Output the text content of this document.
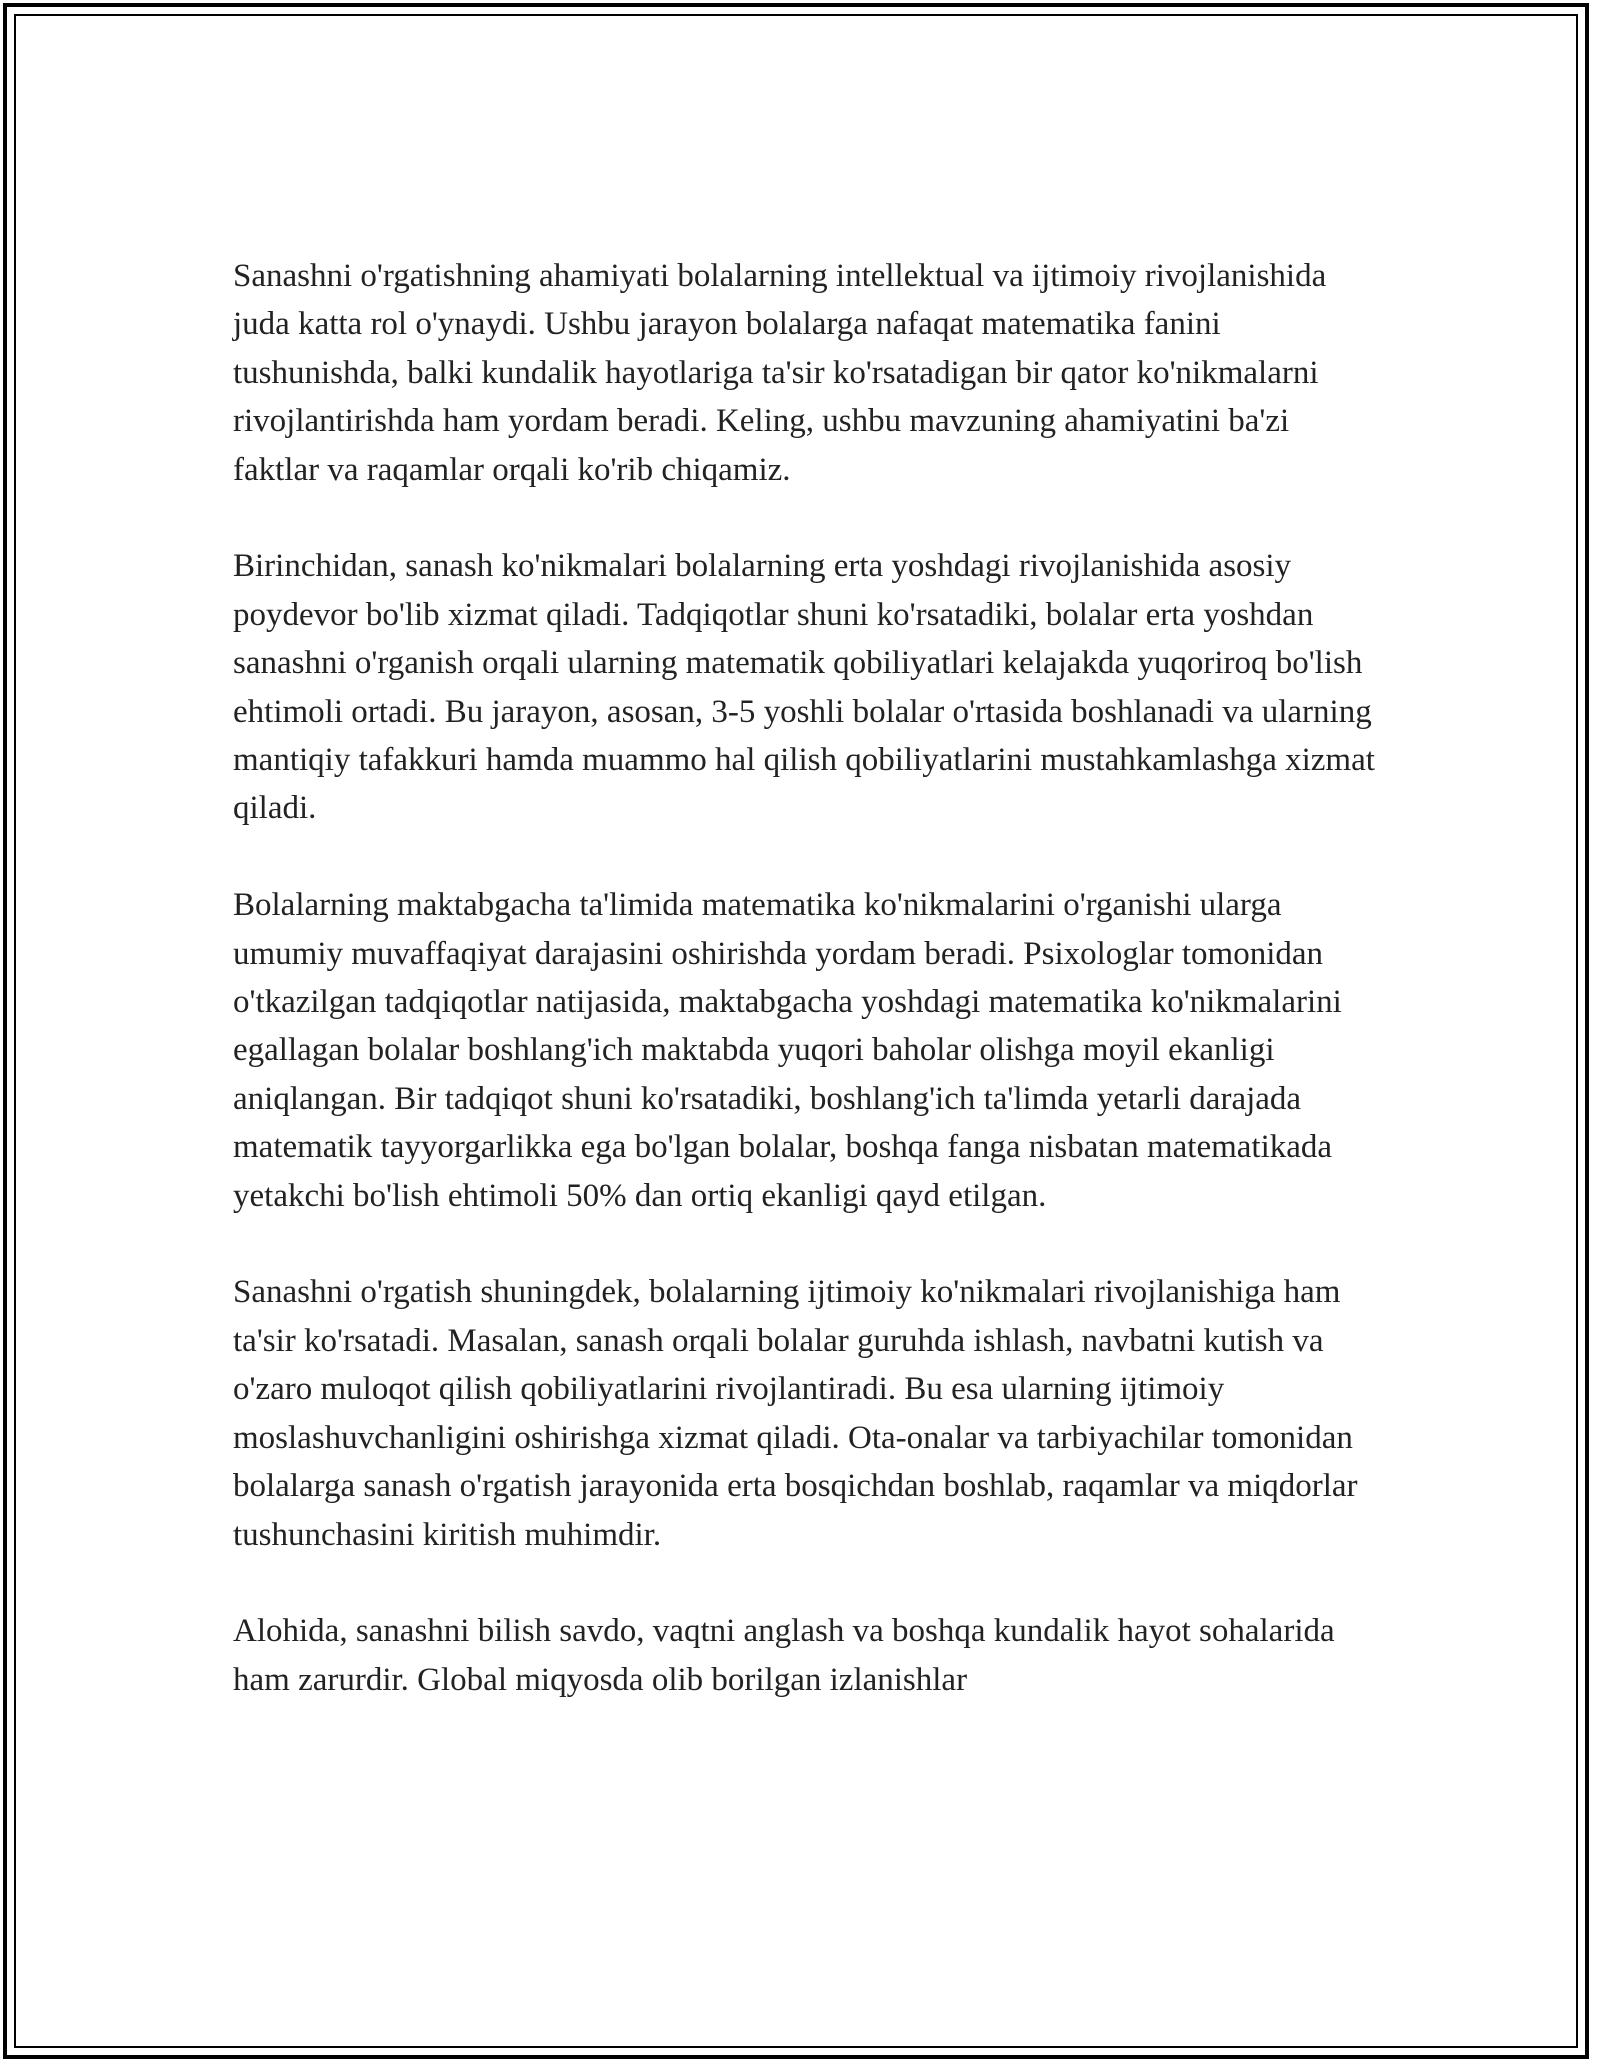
Sanashni o'rgatishning ahamiyati bolalarning intellektual va ijtimoiy rivojlanishida juda katta rol o'ynaydi. Ushbu jarayon bolalarga nafaqat matematika fanini tushunishda, balki kundalik hayotlariga ta'sir ko'rsatadigan bir qator ko'nikmalarni rivojlantirishda ham yordam beradi. Keling, ushbu mavzuning ahamiyatini ba'zi faktlar va raqamlar orqali ko'rib chiqamiz.

Birinchidan, sanash ko'nikmalari bolalarning erta yoshdagi rivojlanishida asosiy poydevor bo'lib xizmat qiladi. Tadqiqotlar shuni ko'rsatadiki, bolalar erta yoshdan sanashni o'rganish orqali ularning matematik qobiliyatlari kelajakda yuqoriroq bo'lish ehtimoli ortadi. Bu jarayon, asosan, 3-5 yoshli bolalar o'rtasida boshlanadi va ularning mantiqiy tafakkuri hamda muammo hal qilish qobiliyatlarini mustahkamlashga xizmat qiladi.

Bolalarning maktabgacha ta'limida matematika ko'nikmalarini o'rganishi ularga umumiy muvaffaqiyat darajasini oshirishda yordam beradi. Psixologlar tomonidan o'tkazilgan tadqiqotlar natijasida, maktabgacha yoshdagi matematika ko'nikmalarini egallagan bolalar boshlang'ich maktabda yuqori baholar olishga moyil ekanligi aniqlangan. Bir tadqiqot shuni ko'rsatadiki, boshlang'ich ta'limda yetarli darajada matematik tayyorgarlikka ega bo'lgan bolalar, boshqa fanga nisbatan matematikada yetakchi bo'lish ehtimoli 50% dan ortiq ekanligi qayd etilgan.

Sanashni o'rgatish shuningdek, bolalarning ijtimoiy ko'nikmalari rivojlanishiga ham ta'sir ko'rsatadi. Masalan, sanash orqali bolalar guruhda ishlash, navbatni kutish va o'zaro muloqot qilish qobiliyatlarini rivojlantiradi. Bu esa ularning ijtimoiy moslashuvchanligini oshirishga xizmat qiladi. Ota-onalar va tarbiyachilar tomonidan bolalarga sanash o'rgatish jarayonida erta bosqichdan boshlab, raqamlar va miqdorlar tushunchasini kiritish muhimdir.

Alohida, sanashni bilish savdo, vaqtni anglash va boshqa kundalik hayot sohalarida ham zarurdir. Global miqyosda olib borilgan izlanishlar
